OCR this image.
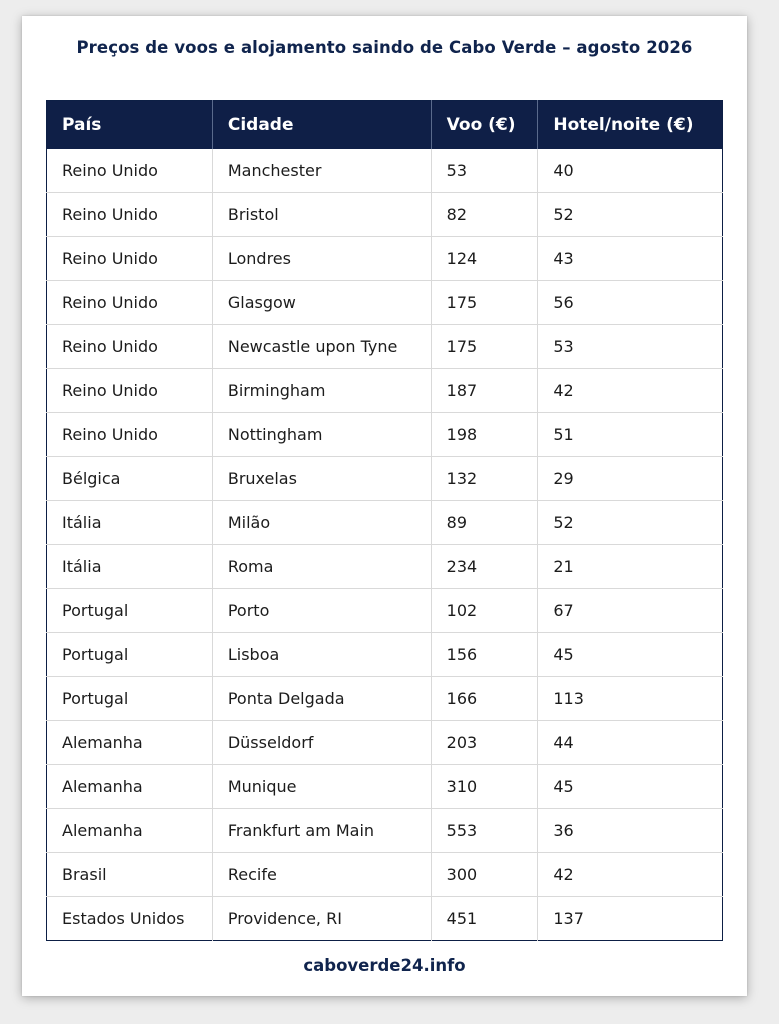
Preços de voos e alojamento saindo de Cabo Verde – agosto 2026
País	Cidade	Voo (€)	Hotel/noite (€)
Reino Unido	Manchester	53	40
Reino Unido	Bristol	82	52
Reino Unido	Londres	124	43
Reino Unido	Glasgow	175	56
Reino Unido	Newcastle upon Tyne	175	53
Reino Unido	Birmingham	187	42
Reino Unido	Nottingham	198	51
Bélgica	Bruxelas	132	29
Itália	Milão	89	52
Itália	Roma	234	21
Portugal	Porto	102	67
Portugal	Lisboa	156	45
Portugal	Ponta Delgada	166	113
Alemanha	Düsseldorf	203	44
Alemanha	Munique	310	45
Alemanha	Frankfurt am Main	553	36
Brasil	Recife	300	42
Estados Unidos	Providence, RI	451	137
caboverde24.info
